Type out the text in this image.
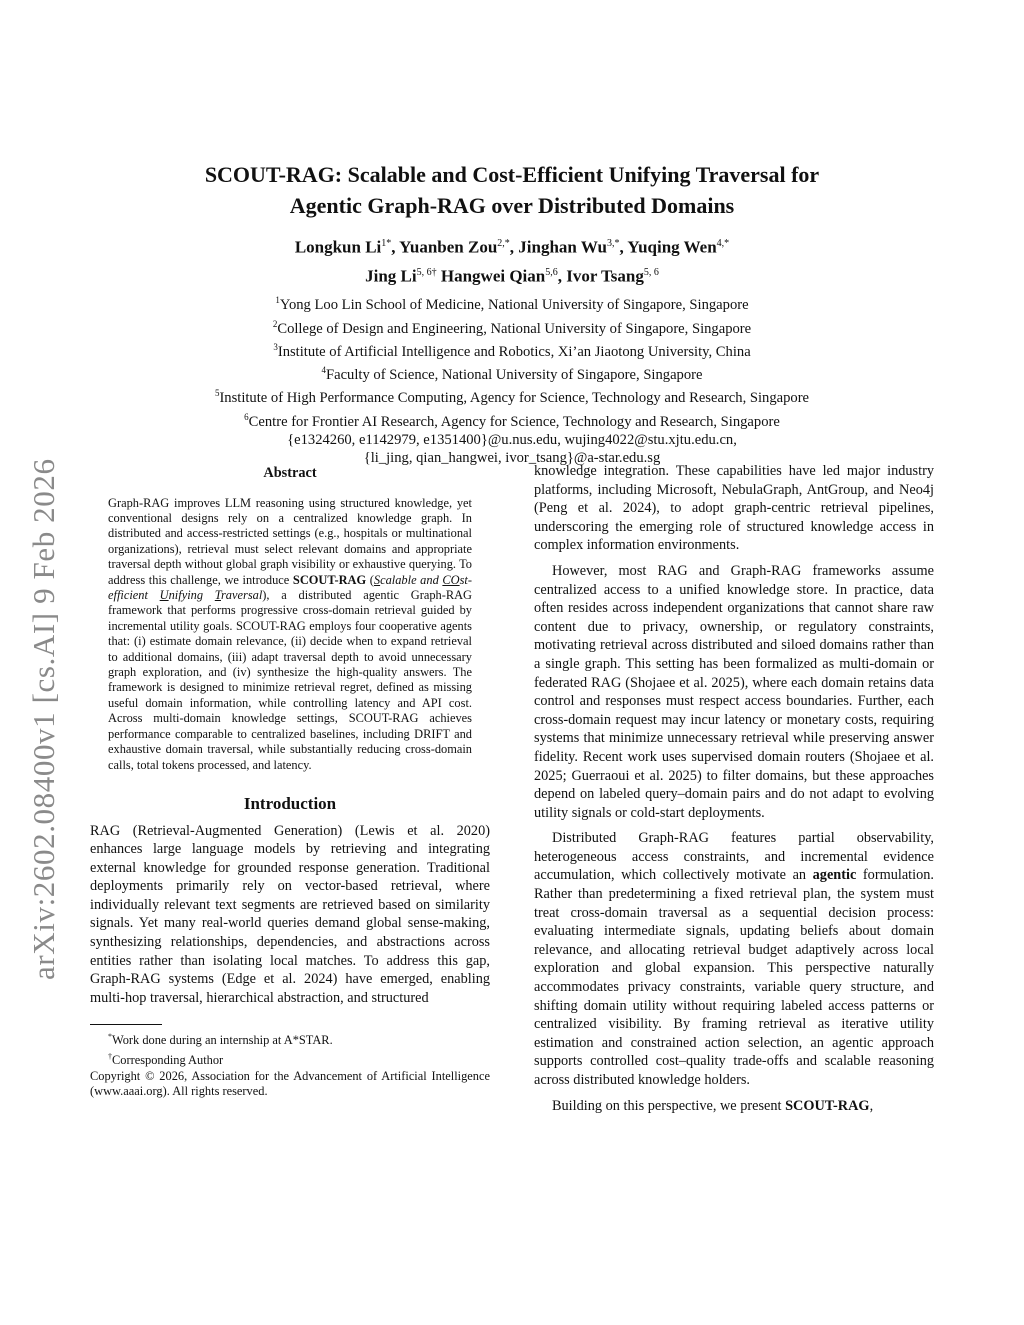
arXiv:2602.08400v1 [cs.AI] 9 Feb 2026
SCOUT-RAG: Scalable and Cost-Efficient Unifying Traversal for
Agentic Graph-RAG over Distributed Domains
Longkun $Li^{1*}$, Yuanben Zou$^{2,*}$, Jinghan $Wu^{3,*}$, Yuqing Wen$^{4,*}$
Jing $Li^{5, 6\dagger}$ Hangwei Qian$^{5,6}$, Ivor Tsang$^{5, 6}$
$^1$Yong Loo Lin School of Medicine, National University of Singapore, Singapore
$^2$College of Design and Engineering, National University of Singapore, Singapore
$^3$Institute of Artificial Intelligence and Robotics, Xi’an Jiaotong University, China
$^4$Faculty of Science, National University of Singapore, Singapore
$^5$Institute of High Performance Computing, Agency for Science, Technology and Research, Singapore
$^6$Centre for Frontier AI Research, Agency for Science, Technology and Research, Singapore
{e1324260, e1142979, e1351400}@u.nus.edu, wujing4022@stu.xjtu.edu.cn,
{li_jing, qian_hangwei, ivor_tsang}@a-star.edu.sg
Abstract

Graph-RAG improves LLM reasoning using structured knowledge, yet conventional designs rely on a centralized knowledge graph. In distributed and access-restricted settings (e.g., hospitals or multinational organizations), retrieval must select relevant domains and appropriate traversal depth without global graph visibility or exhaustive querying. To address this challenge, we introduce SCOUT-RAG (Scalable and COst-efficient Unifying Traversal), a distributed agentic Graph-RAG framework that performs progressive cross-domain retrieval guided by incremental utility goals. SCOUT-RAG employs four cooperative agents that: (i) estimate domain relevance, (ii) decide when to expand retrieval to additional domains, (iii) adapt traversal depth to avoid unnecessary graph exploration, and (iv) synthesize the high-quality answers. The framework is designed to minimize retrieval regret, defined as missing useful domain information, while controlling latency and API cost. Across multi-domain knowledge settings, SCOUT-RAG achieves performance comparable to centralized baselines, including DRIFT and exhaustive domain traversal, while substantially reducing cross-domain calls, total tokens processed, and latency.

Introduction

RAG (Retrieval-Augmented Generation) (Lewis et al. 2020) enhances large language models by retrieving and integrating external knowledge for grounded response generation. Traditional deployments primarily rely on vector-based retrieval, where individually relevant text segments are retrieved based on similarity signals. Yet many real-world queries demand global sense-making, synthesizing relationships, dependencies, and abstractions across entities rather than isolating local matches. To address this gap, Graph-RAG systems (Edge et al. 2024) have emerged, enabling multi-hop traversal, hierarchical abstraction, and structured

*Work done during an internship at A*STAR.

†Corresponding Author

Copyright © 2026, Association for the Advancement of Artificial Intelligence (www.aaai.org). All rights reserved.

knowledge integration. These capabilities have led major industry platforms, including Microsoft, NebulaGraph, AntGroup, and Neo4j (Peng et al. 2024), to adopt graph-centric retrieval pipelines, underscoring the emerging role of structured knowledge access in complex information environments.

However, most RAG and Graph-RAG frameworks assume centralized access to a unified knowledge store. In practice, data often resides across independent organizations that cannot share raw content due to privacy, ownership, or regulatory constraints, motivating retrieval across distributed and siloed domains rather than a single graph. This setting has been formalized as multi-domain or federated RAG (Shojaee et al. 2025), where each domain retains data control and responses must respect access boundaries. Further, each cross-domain request may incur latency or monetary costs, requiring systems that minimize unnecessary retrieval while preserving answer fidelity. Recent work uses supervised domain routers (Shojaee et al. 2025; Guerraoui et al. 2025) to filter domains, but these approaches depend on labeled query–domain pairs and do not adapt to evolving utility signals or cold-start deployments.

Distributed Graph-RAG features partial observability, heterogeneous access constraints, and incremental evidence accumulation, which collectively motivate an agentic formulation. Rather than predetermining a fixed retrieval plan, the system must treat cross-domain traversal as a sequential decision process: evaluating intermediate signals, updating beliefs about domain relevance, and allocating retrieval budget adaptively across local exploration and global expansion. This perspective naturally accommodates privacy constraints, variable query structure, and shifting domain utility without requiring labeled access patterns or centralized visibility. By framing retrieval as iterative utility estimation and constrained action selection, an agentic approach supports controlled cost–quality trade-offs and scalable reasoning across distributed knowledge holders.

Building on this perspective, we present SCOUT-RAG,
